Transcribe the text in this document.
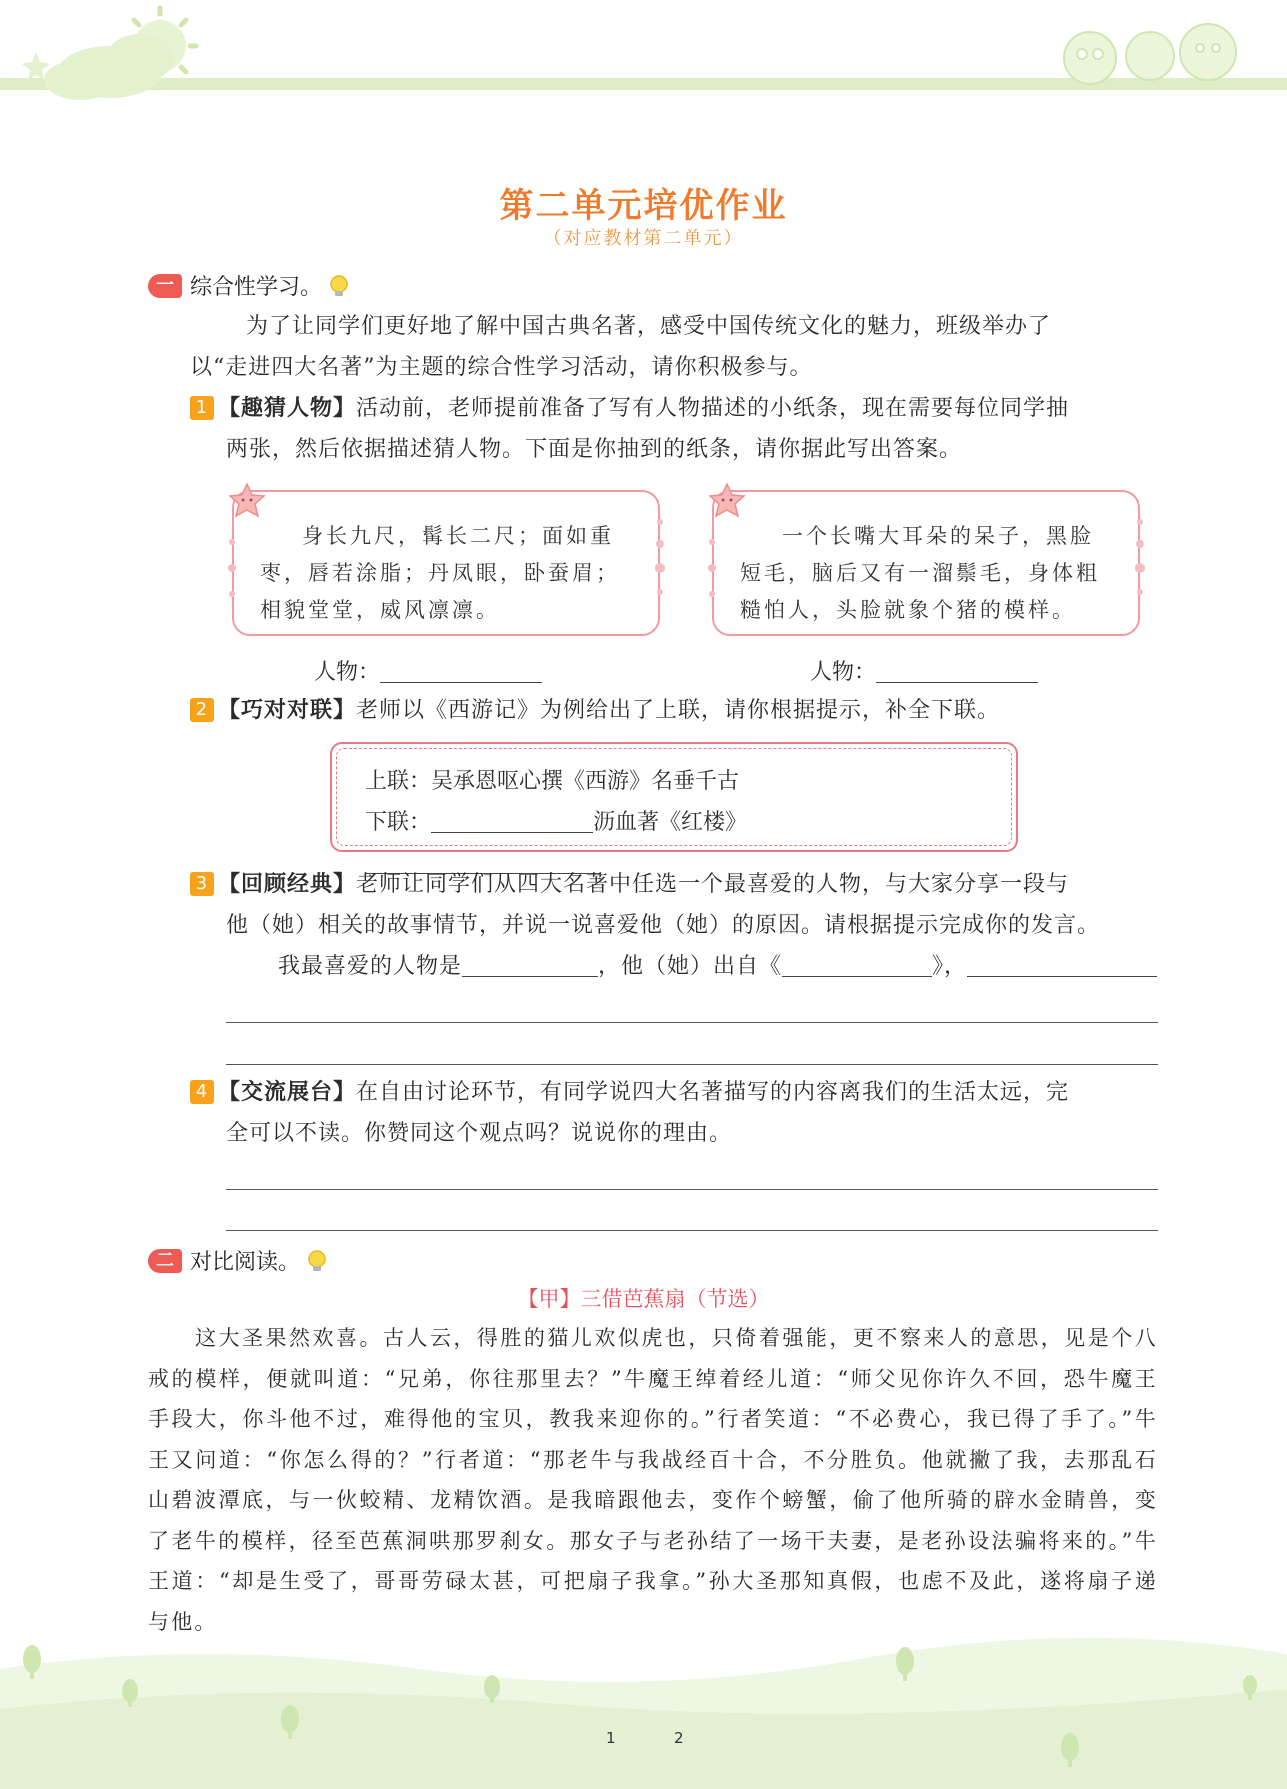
第二单元培优作业
（对应教材第二单元）
一 综合性学习。
为了让同学们更好地了解中国古典名著，感受中国传统文化的魅力，班级举办了
以“走进四大名著”为主题的综合性学习活动，请你积极参与。
1 【趣猜人物】活动前，老师提前准备了写有人物描述的小纸条，现在需要每位同学抽
两张，然后依据描述猜人物。下面是你抽到的纸条，请你据此写出答案。
身长九尺，髯长二尺；面如重枣，唇若涂脂；丹凤眼，卧蚕眉；相貌堂堂，威风凛凛。
一个长嘴大耳朵的呆子，黑脸短毛，脑后又有一溜鬃毛，身体粗糙怕人，头脸就象个猪的模样。
人物：	人物：
2 【巧对对联】老师以《西游记》为例给出了上联，请你根据提示，补全下联。
上联：吴承恩呕心撰《西游》名垂千古
下联：	沥血著《红楼》
3 【回顾经典】老师让同学们从四大名著中任选一个最喜爱的人物，与大家分享一段与
他（她）相关的故事情节，并说一说喜爱他（她）的原因。请根据提示完成你的发言。
我最喜爱的人物是	，他（她）出自《	》，
4 【交流展台】在自由讨论环节，有同学说四大名著描写的内容离我们的生活太远，完
全可以不读。你赞同这个观点吗？说说你的理由。
二 对比阅读。
【甲】三借芭蕉扇（节选）
　　这大圣果然欢喜。古人云，得胜的猫儿欢似虎也，只倚着强能，更不察来人的意思，见是个八戒的模样，便就叫道：“兄弟，你往那里去？”牛魔王绰着经儿道：“师父见你许久不回，恐牛魔王手段大，你斗他不过，难得他的宝贝，教我来迎你的。”行者笑道：“不必费心，我已得了手了。”牛王又问道：“你怎么得的？”行者道：“那老牛与我战经百十合，不分胜负。他就撇了我，去那乱石山碧波潭底，与一伙蛟精、龙精饮酒。是我暗跟他去，变作个螃蟹，偷了他所骑的辟水金睛兽，变了老牛的模样，径至芭蕉洞哄那罗刹女。那女子与老孙结了一场干夫妻，是老孙设法骗将来的。”牛王道：“却是生受了，哥哥劳碌太甚，可把扇子我拿。”孙大圣那知真假，也虑不及此，遂将扇子递与他。
1	2
